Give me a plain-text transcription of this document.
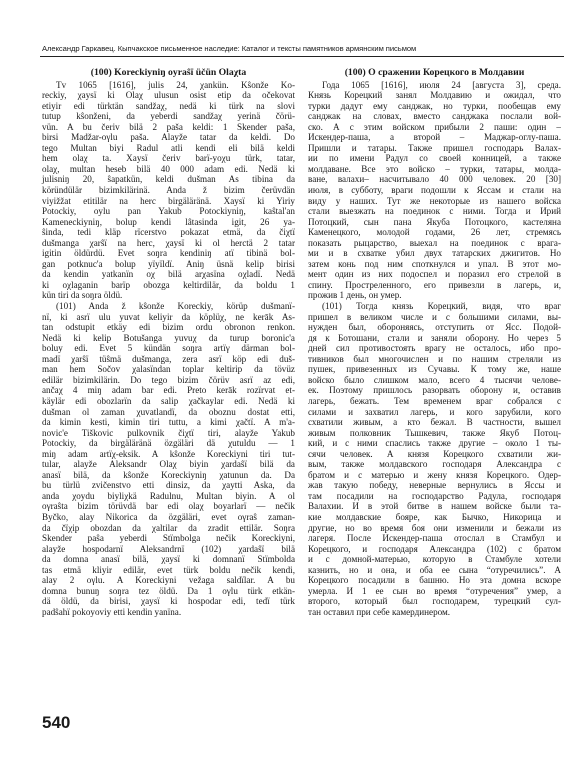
Александр Гаркавец. Кыпчакское письменное наследие: Каталог и тексты памятников армянским письмом
(100) Koreckiyniŋ oyraŝï üčün Olaχta
Tv 1065 [1616], julis 24, χankün. Kŝonže Ko-
reckiy, χaysï ki Olaχ ulusun osist etip da očekovat
etiyir edi türktän sandžaχ, nedä ki türk na slovi
tutup kŝonženi, da yeberdi sandžaχ yerinä čörü-
vün. A bu čeriv bilä 2 paša keldi: 1 Skender paša,
birsi Madžar-oγlu paša. Alayže tatar da keldi. Do
tego Multan biyi Radul atli kendi eli bilä keldi
hem olaχ ta. Χaysï čeriv barï-yoχu türk, tatar,
olaχ, multan heseb bilä 40 000 adam edi. Nedä ki
julisniŋ 20, ŝapatkün, keldi dušman As tibina da
köründülär bizimkilärinä. Anda ž bizim čerüvdän
viyižžat etitilär na herc birgäläränä. Χaysï ki Yiriy
Potockiy, oylu pan Yakub Potockiyniŋ, kaŝtal'an
Kameneckiyniŋ, bolup kendi lâtasinda igit, 26 ya-
ŝinda, tedi kläp rïcerstvo pokazat etmä, da čiχtï
dušmanga χarŝï na herc, χaysï ki ol herctä 2 tatar
igitin öldürdü. Evet soŋra kendiniŋ atï tibinä bol-
gan potknuc'a bolup yïyïldï. Aniŋ üsnä kelip birisi
da kendin yatkanïn oχ bilä arχasïna oχladï. Nedä
ki oχlaganin barïp obozga keltirdilär, da boldu 1
kün tiri da soŋra öldü.
(101) Anda ž kŝonže Koreckiy, körüp dušmanï-
nï, ki asrï ulu yuvat keliyir da köplüχ, ne kerāk As-
tan odstupit etkäy edi bizim ordu obronon renkon.
Nedä ki kelip Botušanga yuvuχ da turup boronic'a
boluy edi. Evet 5 kündän soŋra artïγ därman bol-
madï χarŝï tüŝmä dušmanga, zera asrï köp edi duš-
man hem Sočov χalasïndan toplar keltirip da tövüz
edilär bizimkilärin. Do tego bizim čörüv asrï az edi,
ančaχ 4 miŋ adam bar edi. Preto kerāk rozïrvat et-
käylär edi obozlarïn da salip χačkaylar edi. Nedä ki
dušman ol zaman χuvatlandï, da oboznu dostat etti,
da kimin kesti, kimin tiri tuttu, a kimi χačtï. A m'a-
novic'e Tiškovic pulkovnik čiχtï tiri, alayže Yakub
Potockiy, da birgäläränä özgäläri dä χutuldu — 1
miŋ adam artïχ-eksik. A kŝonže Koreckiyni tiri tut-
tular, alayže Aleksandr Olaχ biyin χardaŝï bilä da
anasï bilä, da kŝonže Koreckiyniŋ χatunun da. Da
bu türlü zvičenstvo etti dinsiz, da χaytti Aska, da
anda χoydu biyliχkä Radulnu, Multan biyin. A ol
oγraŝta bizim törüvdä bar edi olaχ boyarlarï — nečik
Byčko, alay Nikorica da özgäläri, evet oγraŝ zaman-
da čïχip obozdan da χaltilar da zradit ettilär. Soŋra
Skender paŝa yeberdi Stïmbolga nečik Koreckiyni,
alayže hospodarnï Aleksandrnï (102) χardaŝï bilä
da domna anasï bilä, χaysï ki domnanï Stïmbolda
tas etmä kliyir edilär, evet türk boldu nečik kendi,
alay 2 oγlu. A Koreckiyni vežaga saldïlar. A bu
domna bunuŋ soŋra tez öldü. Da 1 oγlu türk etkän-
dä öldü, da birisi, χaysï ki hospodar edi, tedï türk
padŝahï pokoyoviy etti kendin yanïna.
(100) О сражении Корецкого в Молдавии
Года 1065 [1616], июля 24 [августа 3], среда.
Князь Корецкий занял Молдавию и ожидал, что
турки дадут ему санджак, но турки, пообещав ему
санджак на словах, вместо санджака послали вой-
ско. А с этим войском прибыли 2 паши: один –
Искендер-паша, а второй – Маджар-оглу-паша.
Пришли и татары. Также пришел господарь Валах-
ии по имени Радул со своей конницей, а также
молдаване. Все это войско – турки, татары, молда-
ване, валахи– насчитывало 40 000 человек. 20 [30]
июля, в субботу, враги подошли к Яссам и стали на
виду у наших. Тут же некоторые из нашего войска
стали выезжать на поединок с ними. Тогда и Ирий
Потоцкий, сын пана Якуба Потоцкого, кастеляна
Каменецкого, молодой годами, 26 лет, стремясь
показать рыцарство, выехал на поединок с врага-
ми и в схватке убил двух татарских джигитов. Но
затем конь под ним споткнулся и упал. В этот мо-
мент один из них подоспел и поразил его стрелой в
спину. Простреленного, его привезли в лагерь, и,
прожив 1 день, он умер.
(101) Тогда князь Корецкий, видя, что враг
пришел в великом числе и с большими силами, вы-
нужден был, обороняясь, отступить от Ясс. Подой-
дя к Ботошани, стали и заняли оборону. Но через 5
дней сил противостоять врагу не осталось, ибо про-
тивников был многочислен и по нашим стреляли из
пушек, привезенных из Сучавы. К тому же, наше
войско было слишком мало, всего 4 тысячи челове-
ек. Поэтому пришлось разорвать оборону и, оставив
лагерь, бежать. Тем временем враг собрался с
силами и захватил лагерь, и кого зарубили, кого
схватили живым, а кто бежал. В частности, вышел
живым полковник Тышкевич, также Якуб Потоц-
кий, и с ними спаслись также другие – около 1 ты-
сячи человек. А князя Корецкого схватили жи-
вым, также молдавского господаря Александра с
братом и с матерью и жену князя Корецкого. Одер-
жав такую победу, неверные вернулись в Яссы и
там посадили на господарство Радула, господаря
Валахии. И в этой битве в нашем войске были та-
кие молдавские бояре, как Бычко, Никорица и
другие, но во время боя они изменили и бежали из
лагеря. После Искендер-паша отослал в Стамбул и
Корецкого, и господаря Александра (102) с братом
и с домной-матерью, которую в Стамбуле хотели
казнить, но и она, и оба ее сына “отуречились”. А
Корецкого посадили в башню. Но эта домна вскоре
умерла. И 1 ее сын во время “отуречения” умер, а
второго, который был господарем, турецкий сул-
тан оставил при себе камердинером.
540
